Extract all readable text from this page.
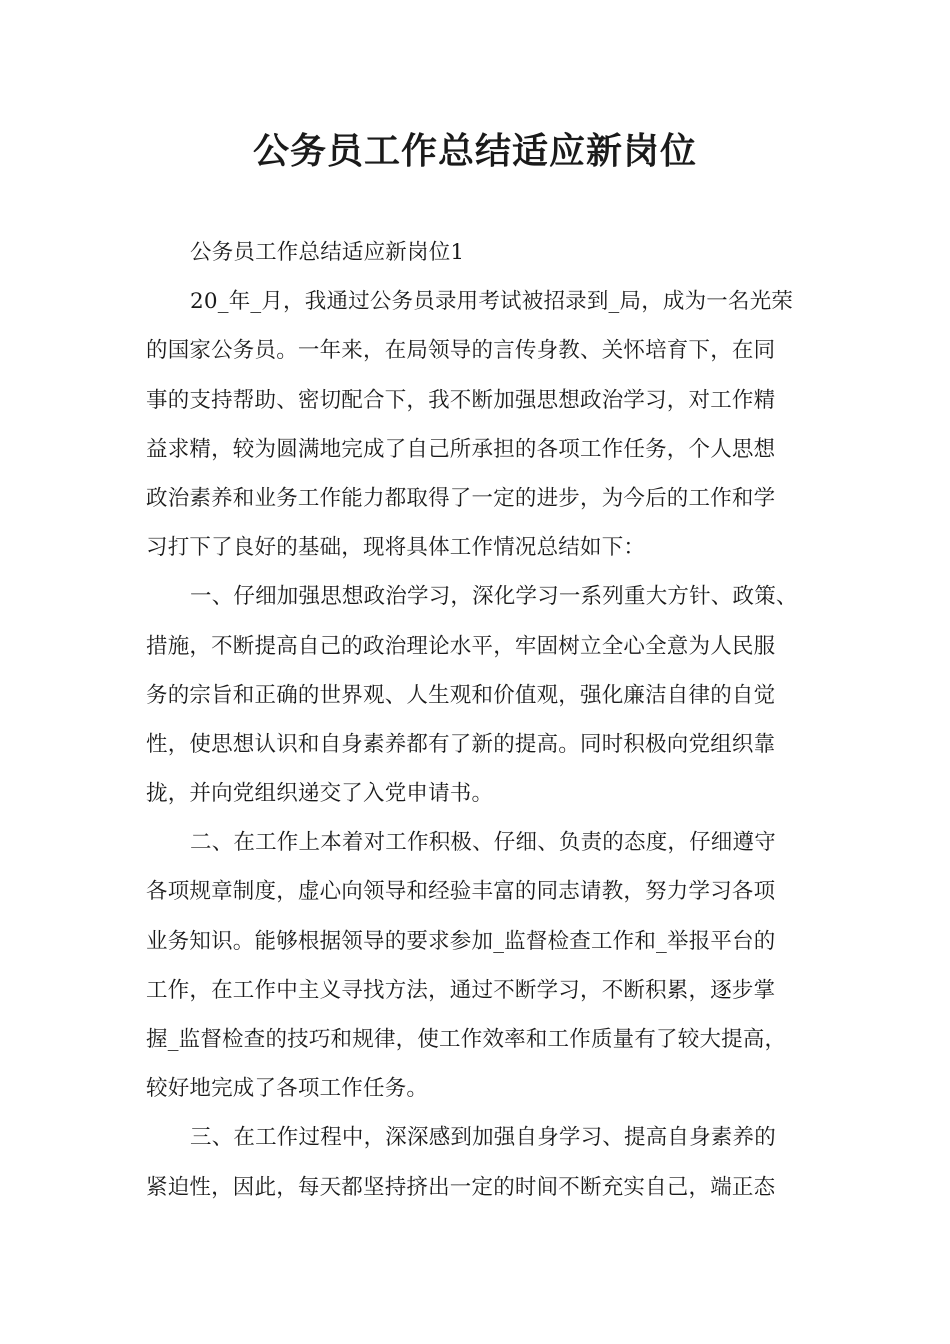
公务员工作总结适应新岗位
公务员工作总结适应新岗位1
20_年_月，我通过公务员录用考试被招录到_局，成为一名光荣
的国家公务员。一年来，在局领导的言传身教、关怀培育下，在同
事的支持帮助、密切配合下，我不断加强思想政治学习，对工作精
益求精，较为圆满地完成了自己所承担的各项工作任务，个人思想
政治素养和业务工作能力都取得了一定的进步，为今后的工作和学
习打下了良好的基础，现将具体工作情况总结如下：
一、仔细加强思想政治学习，深化学习一系列重大方针、政策、
措施，不断提高自己的政治理论水平，牢固树立全心全意为人民服
务的宗旨和正确的世界观、人生观和价值观，强化廉洁自律的自觉
性，使思想认识和自身素养都有了新的提高。同时积极向党组织靠
拢，并向党组织递交了入党申请书。
二、在工作上本着对工作积极、仔细、负责的态度，仔细遵守
各项规章制度，虚心向领导和经验丰富的同志请教，努力学习各项
业务知识。能够根据领导的要求参加_监督检查工作和_举报平台的
工作，在工作中主义寻找方法，通过不断学习，不断积累，逐步掌
握_监督检查的技巧和规律，使工作效率和工作质量有了较大提高，
较好地完成了各项工作任务。
三、在工作过程中，深深感到加强自身学习、提高自身素养的
紧迫性，因此，每天都坚持挤出一定的时间不断充实自己，端正态
